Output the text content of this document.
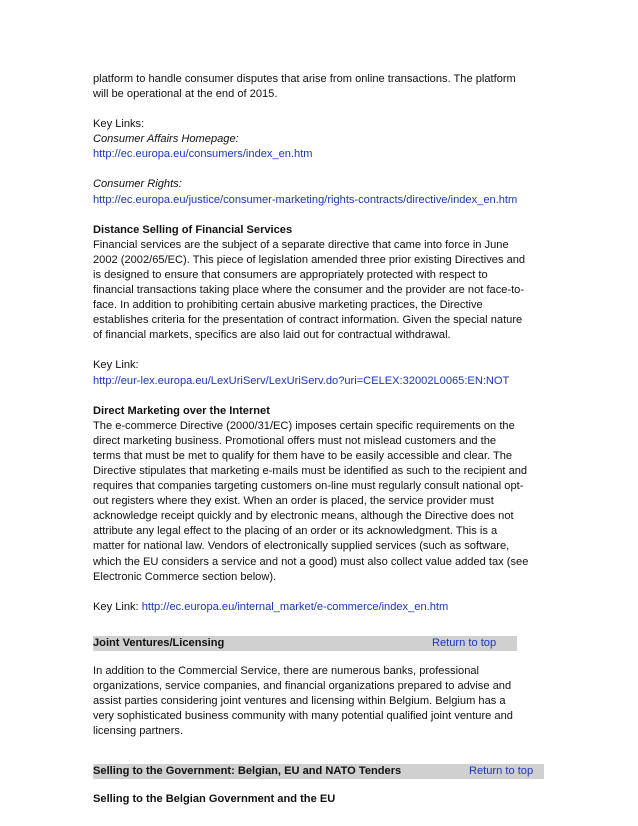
platform to handle consumer disputes that arise from online transactions. The platform

will be operational at the end of 2015.

Key Links:

Consumer Affairs Homepage:

http://ec.europa.eu/consumers/index_en.htm

Consumer Rights:

http://ec.europa.eu/justice/consumer-marketing/rights-contracts/directive/index_en.htm

Distance Selling of Financial Services

Financial services are the subject of a separate directive that came into force in June

2002 (2002/65/EC). This piece of legislation amended three prior existing Directives and

is designed to ensure that consumers are appropriately protected with respect to

financial transactions taking place where the consumer and the provider are not face-to-

face. In addition to prohibiting certain abusive marketing practices, the Directive

establishes criteria for the presentation of contract information. Given the special nature

of financial markets, specifics are also laid out for contractual withdrawal.

Key Link:

http://eur-lex.europa.eu/LexUriServ/LexUriServ.do?uri=CELEX:32002L0065:EN:NOT

Direct Marketing over the Internet

The e-commerce Directive (2000/31/EC) imposes certain specific requirements on the

direct marketing business. Promotional offers must not mislead customers and the

terms that must be met to qualify for them have to be easily accessible and clear. The

Directive stipulates that marketing e-mails must be identified as such to the recipient and

requires that companies targeting customers on-line must regularly consult national opt-

out registers where they exist. When an order is placed, the service provider must

acknowledge receipt quickly and by electronic means, although the Directive does not

attribute any legal effect to the placing of an order or its acknowledgment. This is a

matter for national law. Vendors of electronically supplied services (such as software,

which the EU considers a service and not a good) must also collect value added tax (see

Electronic Commerce section below).

Key Link: http://ec.europa.eu/internal_market/e-commerce/index_en.htm

Joint Ventures/Licensing	Return to top

In addition to the Commercial Service, there are numerous banks, professional

organizations, service companies, and financial organizations prepared to advise and

assist parties considering joint ventures and licensing within Belgium. Belgium has a

very sophisticated business community with many potential qualified joint venture and

licensing partners.

Selling to the Government: Belgian, EU and NATO Tenders	Return to top

Selling to the Belgian Government and the EU
